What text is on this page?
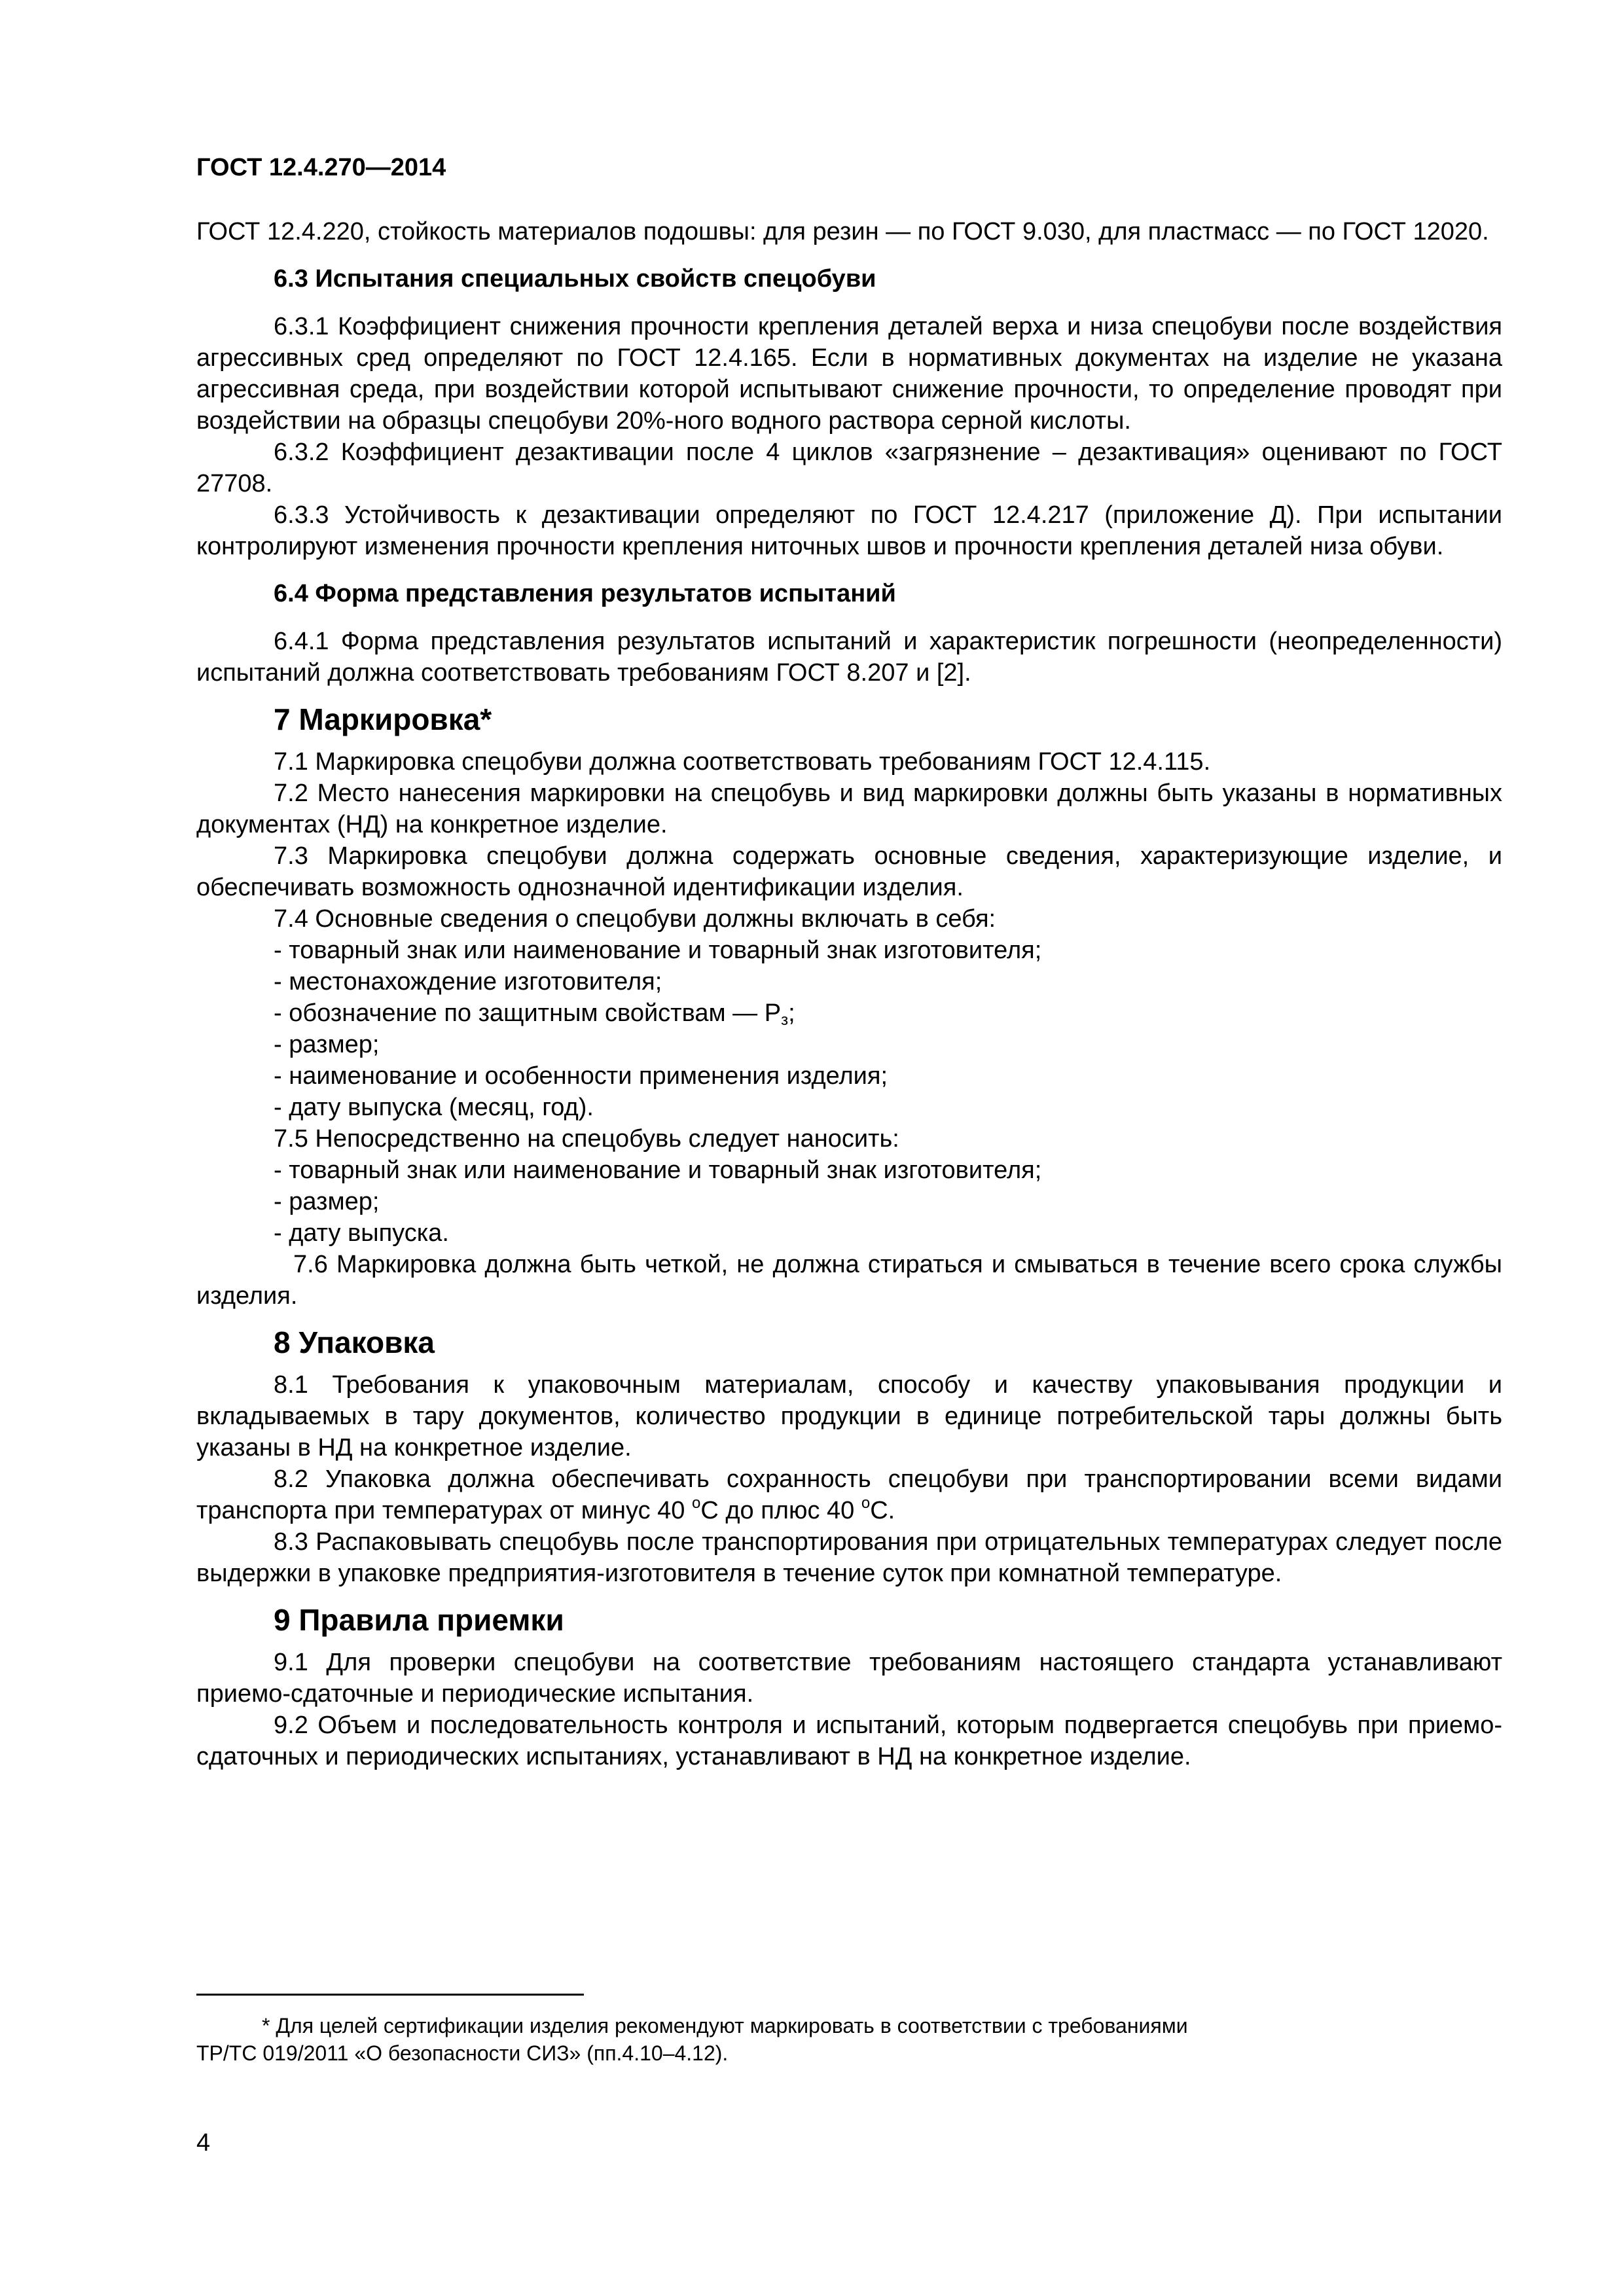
ГОСТ 12.4.270—2014

ГОСТ 12.4.220, стойкость материалов подошвы: для резин — по ГОСТ 9.030, для пластмасс — по ГОСТ 12020.

6.3 Испытания специальных свойств спецобуви

6.3.1 Коэффициент снижения прочности крепления деталей верха и низа спецобуви после воздействия агрессивных сред определяют по ГОСТ 12.4.165. Если в нормативных документах на изделие не указана агрессивная среда, при воздействии которой испытывают снижение прочности, то определение проводят при воздействии на образцы спецобуви 20%-ного водного раствора серной кислоты.

6.3.2 Коэффициент дезактивации после 4 циклов «загрязнение – дезактивация» оценивают по ГОСТ 27708.

6.3.3 Устойчивость к дезактивации определяют по ГОСТ 12.4.217 (приложение Д). При испытании контролируют изменения прочности крепления ниточных швов и прочности крепления деталей низа обуви.

6.4 Форма представления результатов испытаний

6.4.1 Форма представления результатов испытаний и характеристик погрешности (неопределенности) испытаний должна соответствовать требованиям ГОСТ 8.207 и [2].

7 Маркировка*

7.1 Маркировка спецобуви должна соответствовать требованиям ГОСТ 12.4.115.

7.2 Место нанесения маркировки на спецобувь и вид маркировки должны быть указаны в нормативных документах (НД) на конкретное изделие.

7.3 Маркировка спецобуви должна содержать основные сведения, характеризующие изделие, и обеспечивать возможность однозначной идентификации изделия.

7.4 Основные сведения о спецобуви должны включать в себя:

- товарный знак или наименование и товарный знак изготовителя;

- местонахождение изготовителя;

- обозначение по защитным свойствам — $Р_з$;

- размер;

- наименование и особенности применения изделия;

- дату выпуска (месяц, год).

7.5 Непосредственно на спецобувь следует наносить:

- товарный знак или наименование и товарный знак изготовителя;

- размер;

- дату выпуска.

7.6 Маркировка должна быть четкой, не должна стираться и смываться в течение всего срока службы изделия.

8 Упаковка

8.1 Требования к упаковочным материалам, способу и качеству упаковывания продукции и вкладываемых в тару документов, количество продукции в единице потребительской тары должны быть указаны в НД на конкретное изделие.

8.2 Упаковка должна обеспечивать сохранность спецобуви при транспортировании всеми видами транспорта при температурах от минус 40 $^o$С до плюс 40 $^o$С.

8.3 Распаковывать спецобувь после транспортирования при отрицательных температурах следует после выдержки в упаковке предприятия-изготовителя в течение суток при комнатной температуре.

9 Правила приемки

9.1 Для проверки спецобуви на соответствие требованиям настоящего стандарта устанавливают приемо-сдаточные и периодические испытания.

9.2 Объем и последовательность контроля и испытаний, которым подвергается спецобувь при приемо-сдаточных и периодических испытаниях, устанавливают в НД на конкретное изделие.

* Для целей сертификации изделия рекомендуют маркировать в соответствии с требованиями

ТР/ТС 019/2011 «О безопасности СИЗ» (пп.4.10–4.12).

4
